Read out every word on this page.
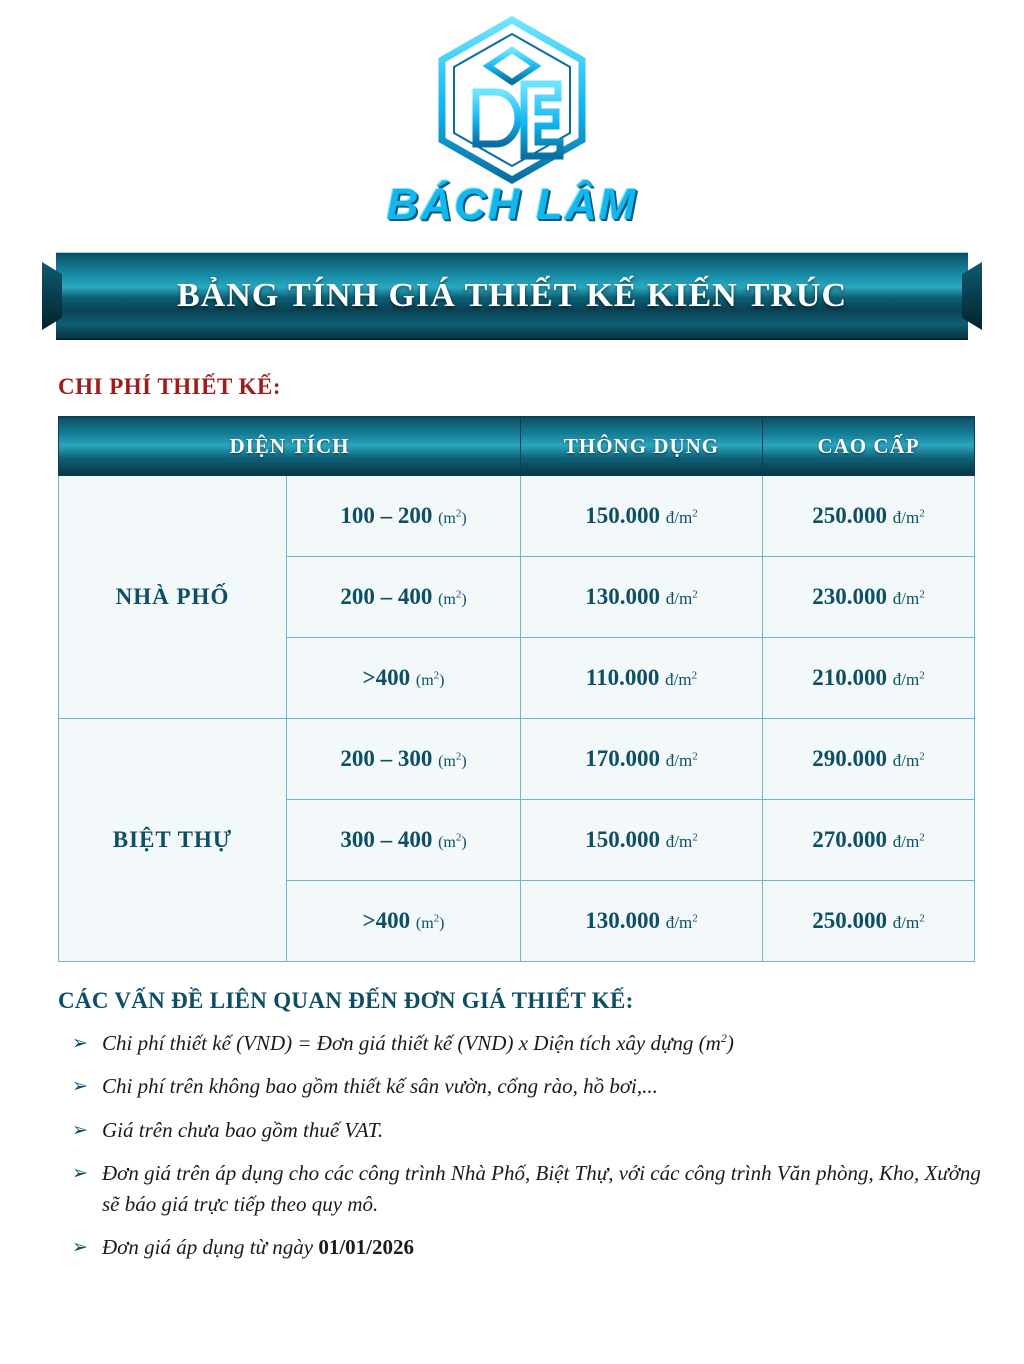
BÁCH LÂM
BẢNG TÍNH GIÁ THIẾT KẾ KIẾN TRÚC
CHI PHÍ THIẾT KẾ:
DIỆN TÍCH		THÔNG DỤNG	CAO CẤP
NHÀ PHỐ	100 – 200 $(m^2)$	150.000 $đ/m^2$	250.000 $đ/m^2$
	200 – 400 $(m^2)$	130.000 $đ/m^2$	230.000 $đ/m^2$
	>400 $(m^2)$	110.000 $đ/m^2$	210.000 $đ/m^2$
BIỆT THỰ	200 – 300 $(m^2)$	170.000 $đ/m^2$	290.000 $đ/m^2$
	300 – 400 $(m^2)$	150.000 $đ/m^2$	270.000 $đ/m^2$
	>400 $(m^2)$	130.000 $đ/m^2$	250.000 $đ/m^2$
CÁC VẤN ĐỀ LIÊN QUAN ĐẾN ĐƠN GIÁ THIẾT KẾ:
➢ Chi phí thiết kế (VND) = Đơn giá thiết kế (VND) x Diện tích xây dựng $(m^2)$
➢ Chi phí trên không bao gồm thiết kế sân vườn, cổng rào, hồ bơi,...
➢ Giá trên chưa bao gồm thuế VAT.
➢ Đơn giá trên áp dụng cho các công trình Nhà Phố, Biệt Thự, với các công trình Văn phòng, Kho, Xưởng sẽ báo giá trực tiếp theo quy mô.
➢ Đơn giá áp dụng từ ngày 01/01/2026
